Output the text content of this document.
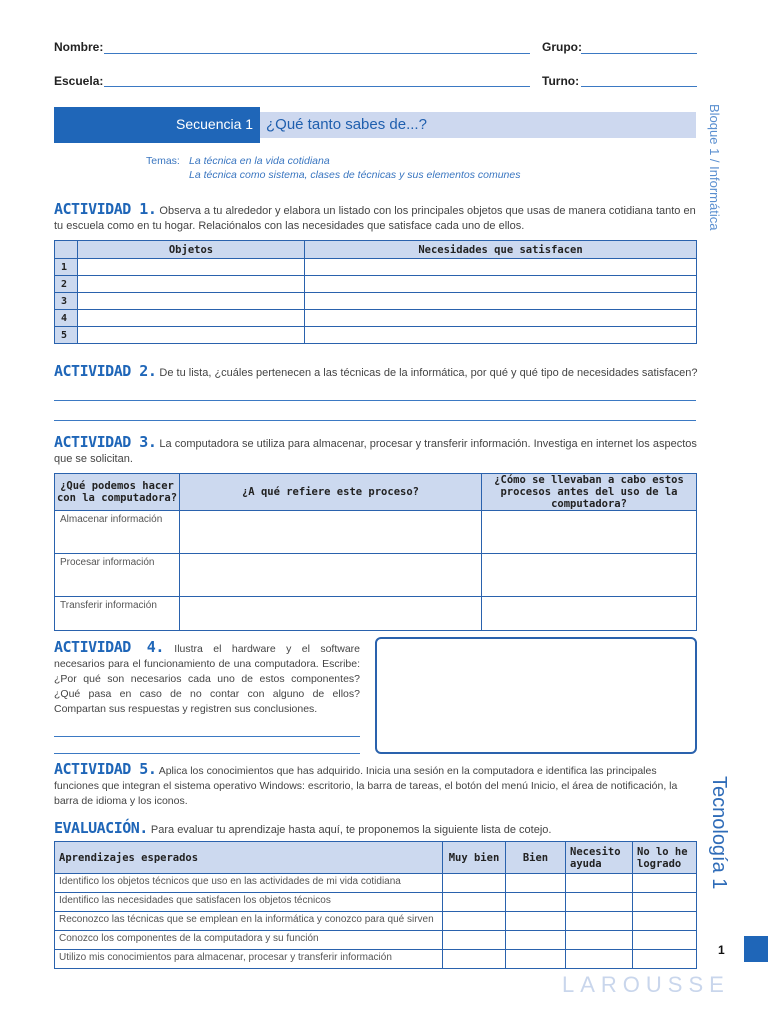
Nombre:	Grupo:
Escuela:	Turno:
Secuencia 1 ¿Qué tanto sabes de...?
Temas: La técnica en la vida cotidiana
La técnica como sistema, clases de técnicas y sus elementos comunes	Bloque 1 / Informática
Tecnología 1
1
LAROUSSE
ACTIVIDAD 1. Observa a tu alrededor y elabora un listado con los principales objetos que usas de manera cotidiana tanto en tu escuela como en tu hogar. Relaciónalos con las necesidades que satisface cada uno de ellos.
	Objetos	Necesidades que satisfacen
1		
2		
3		
4		
5		
ACTIVIDAD 2. De tu lista, ¿cuáles pertenecen a las técnicas de la informática, por qué y qué tipo de necesidades satisfacen?
ACTIVIDAD 3. La computadora se utiliza para almacenar, procesar y transferir información. Investiga en internet los aspectos que se solicitan.
¿Qué podemos hacer con la computadora?	¿A qué refiere este proceso?	¿Cómo se llevaban a cabo estos procesos antes del uso de la computadora?
Almacenar información		
Procesar información		
Transferir información		
ACTIVIDAD 4. Ilustra el hardware y el software necesarios para el funcionamiento de una computadora. Escribe: ¿Por qué son necesarios cada uno de estos componentes? ¿Qué pasa en caso de no contar con alguno de ellos? Compartan sus respuestas y registren sus conclusiones.
ACTIVIDAD 5. Aplica los conocimientos que has adquirido. Inicia una sesión en la computadora e identifica las principales funciones que integran el sistema operativo Windows: escritorio, la barra de tareas, el botón del menú Inicio, el área de notificación, la barra de idioma y los iconos.
EVALUACIÓN. Para evaluar tu aprendizaje hasta aquí, te proponemos la siguiente lista de cotejo.
Aprendizajes esperados	Muy bien	Bien	Necesito ayuda	No lo he logrado
Identifico los objetos técnicos que uso en las actividades de mi vida cotidiana				
Identifico las necesidades que satisfacen los objetos técnicos				
Reconozco las técnicas que se emplean en la informática y conozco para qué sirven				
Conozco los componentes de la computadora y su función				
Utilizo mis conocimientos para almacenar, procesar y transferir información				
